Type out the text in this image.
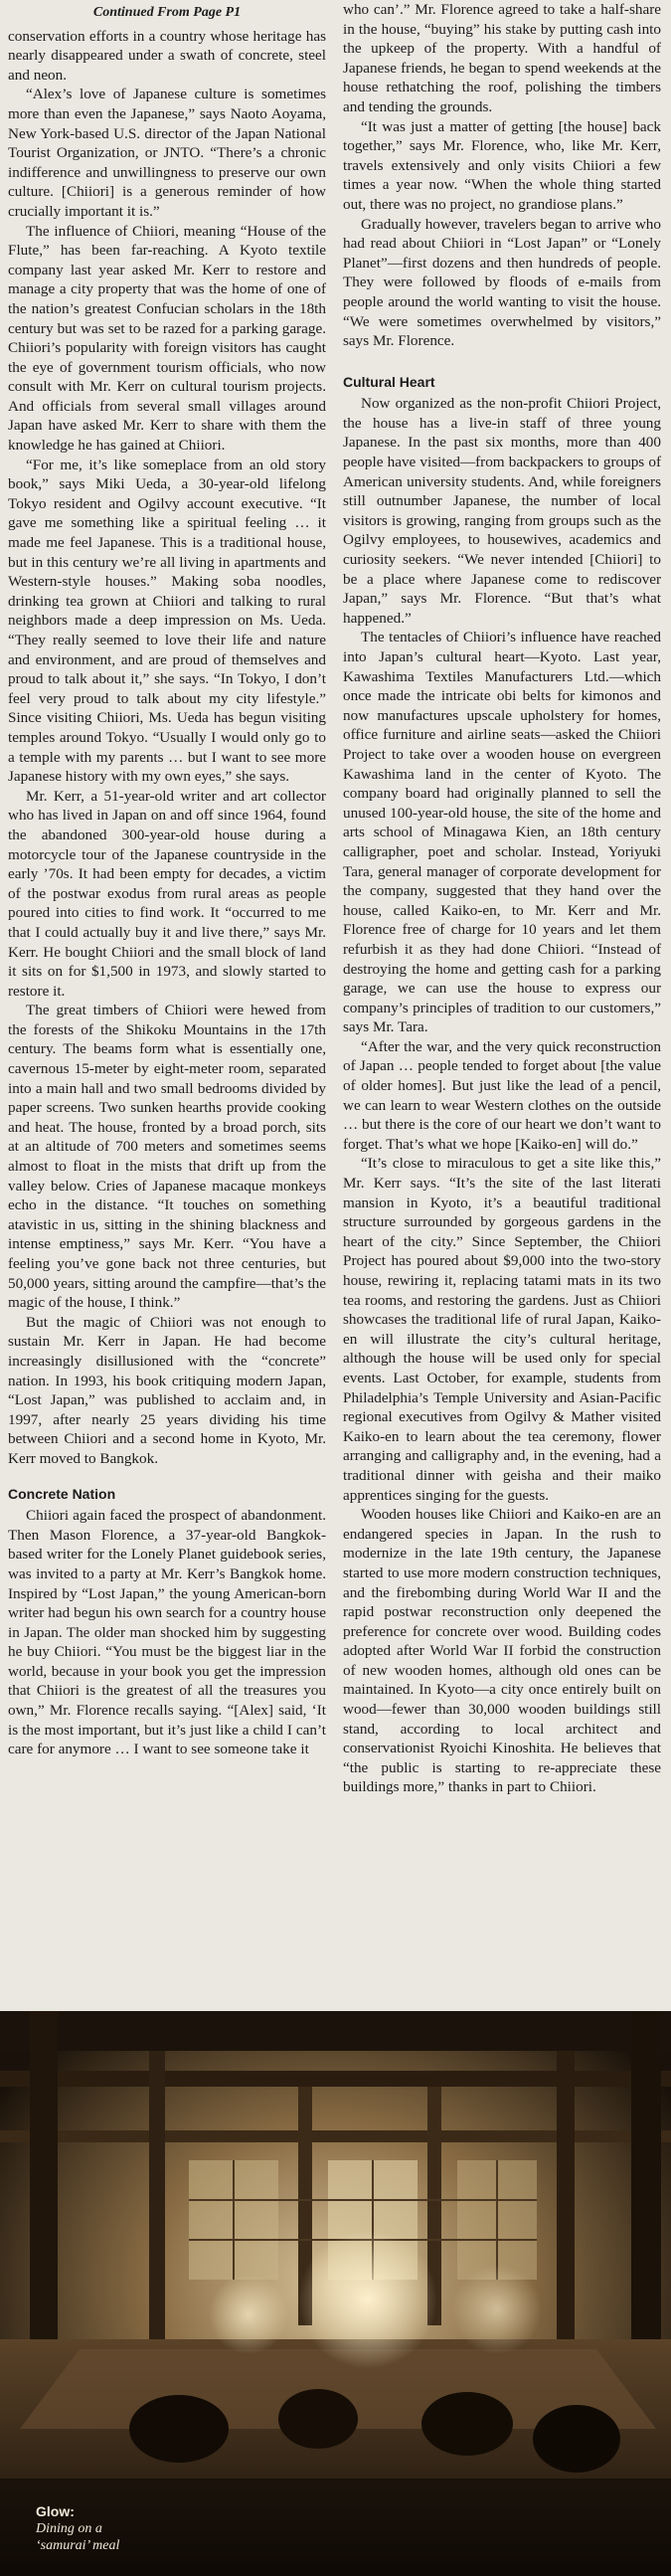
Continued From Page P1

conservation efforts in a country whose heritage has nearly disappeared under a swath of concrete, steel and neon.

“Alex’s love of Japanese culture is sometimes more than even the Japanese,” says Naoto Aoyama, New York-based U.S. director of the Japan National Tourist Organization, or JNTO. “There’s a chronic indifference and unwillingness to preserve our own culture. [Chiiori] is a generous reminder of how crucially important it is.”

The influence of Chiiori, meaning “House of the Flute,” has been far-reaching. A Kyoto textile company last year asked Mr. Kerr to restore and manage a city property that was the home of one of the nation’s greatest Confucian scholars in the 18th century but was set to be razed for a parking garage. Chiiori’s popularity with foreign visitors has caught the eye of government tourism officials, who now consult with Mr. Kerr on cultural tourism projects. And officials from several small villages around Japan have asked Mr. Kerr to share with them the knowledge he has gained at Chiiori.

“For me, it’s like someplace from an old story book,” says Miki Ueda, a 30-year-old lifelong Tokyo resident and Ogilvy account executive. “It gave me something like a spiritual feeling … it made me feel Japanese. This is a traditional house, but in this century we’re all living in apartments and Western-style houses.” Making soba noodles, drinking tea grown at Chiiori and talking to rural neighbors made a deep impression on Ms. Ueda. “They really seemed to love their life and nature and environment, and are proud of themselves and proud to talk about it,” she says. “In Tokyo, I don’t feel very proud to talk about my city lifestyle.” Since visiting Chiiori, Ms. Ueda has begun visiting temples around Tokyo. “Usually I would only go to a temple with my parents … but I want to see more Japanese history with my own eyes,” she says.

Mr. Kerr, a 51-year-old writer and art collector who has lived in Japan on and off since 1964, found the abandoned 300-year-old house during a motorcycle tour of the Japanese countryside in the early ’70s. It had been empty for decades, a victim of the postwar exodus from rural areas as people poured into cities to find work. It “occurred to me that I could actually buy it and live there,” says Mr. Kerr. He bought Chiiori and the small block of land it sits on for $1,500 in 1973, and slowly started to restore it.

The great timbers of Chiiori were hewed from the forests of the Shikoku Mountains in the 17th century. The beams form what is essentially one, cavernous 15-meter by eight-meter room, separated into a main hall and two small bedrooms divided by paper screens. Two sunken hearths provide cooking and heat. The house, fronted by a broad porch, sits at an altitude of 700 meters and sometimes seems almost to float in the mists that drift up from the valley below. Cries of Japanese macaque monkeys echo in the distance. “It touches on something atavistic in us, sitting in the shining blackness and intense emptiness,” says Mr. Kerr. “You have a feeling you’ve gone back not three centuries, but 50,000 years, sitting around the campfire—that’s the magic of the house, I think.”

But the magic of Chiiori was not enough to sustain Mr. Kerr in Japan. He had become increasingly disillusioned with the “concrete” nation. In 1993, his book critiquing modern Japan, “Lost Japan,” was published to acclaim and, in 1997, after nearly 25 years dividing his time between Chiiori and a second home in Kyoto, Mr. Kerr moved to Bangkok.

Concrete Nation

Chiiori again faced the prospect of abandonment. Then Mason Florence, a 37-year-old Bangkok-based writer for the Lonely Planet guidebook series, was invited to a party at Mr. Kerr’s Bangkok home. Inspired by “Lost Japan,” the young American-born writer had begun his own search for a country house in Japan. The older man shocked him by suggesting he buy Chiiori. “You must be the biggest liar in the world, because in your book you get the impression that Chiiori is the greatest of all the treasures you own,” Mr. Florence recalls saying. “[Alex] said, ‘It is the most important, but it’s just like a child I can’t care for anymore … I want to see someone take it

who can’.” Mr. Florence agreed to take a half-share in the house, “buying” his stake by putting cash into the upkeep of the property. With a handful of Japanese friends, he began to spend weekends at the house rethatching the roof, polishing the timbers and tending the grounds.

“It was just a matter of getting [the house] back together,” says Mr. Florence, who, like Mr. Kerr, travels extensively and only visits Chiiori a few times a year now. “When the whole thing started out, there was no project, no grandiose plans.”

Gradually however, travelers began to arrive who had read about Chiiori in “Lost Japan” or “Lonely Planet”—first dozens and then hundreds of people. They were followed by floods of e-mails from people around the world wanting to visit the house. “We were sometimes overwhelmed by visitors,” says Mr. Florence.

Cultural Heart

Now organized as the non-profit Chiiori Project, the house has a live-in staff of three young Japanese. In the past six months, more than 400 people have visited—from backpackers to groups of American university students. And, while foreigners still outnumber Japanese, the number of local visitors is growing, ranging from groups such as the Ogilvy employees, to housewives, academics and curiosity seekers. “We never intended [Chiiori] to be a place where Japanese come to rediscover Japan,” says Mr. Florence. “But that’s what happened.”

The tentacles of Chiiori’s influence have reached into Japan’s cultural heart—Kyoto. Last year, Kawashima Textiles Manufacturers Ltd.—which once made the intricate obi belts for kimonos and now manufactures upscale upholstery for homes, office furniture and airline seats—asked the Chiiori Project to take over a wooden house on evergreen Kawashima land in the center of Kyoto. The company board had originally planned to sell the unused 100-year-old house, the site of the home and arts school of Minagawa Kien, an 18th century calligrapher, poet and scholar. Instead, Yoriyuki Tara, general manager of corporate development for the company, suggested that they hand over the house, called Kaiko-en, to Mr. Kerr and Mr. Florence free of charge for 10 years and let them refurbish it as they had done Chiiori. “Instead of destroying the home and getting cash for a parking garage, we can use the house to express our company’s principles of tradition to our customers,” says Mr. Tara.

“After the war, and the very quick reconstruction of Japan … people tended to forget about [the value of older homes]. But just like the lead of a pencil, we can learn to wear Western clothes on the outside … but there is the core of our heart we don’t want to forget. That’s what we hope [Kaiko-en] will do.”

“It’s close to miraculous to get a site like this,” Mr. Kerr says. “It’s the site of the last literati mansion in Kyoto, it’s a beautiful traditional structure surrounded by gorgeous gardens in the heart of the city.” Since September, the Chiiori Project has poured about $9,000 into the two-story house, rewiring it, replacing tatami mats in its two tea rooms, and restoring the gardens. Just as Chiiori showcases the traditional life of rural Japan, Kaiko-en will illustrate the city’s cultural heritage, although the house will be used only for special events. Last October, for example, students from Philadelphia’s Temple University and Asian-Pacific regional executives from Ogilvy & Mather visited Kaiko-en to learn about the tea ceremony, flower arranging and calligraphy and, in the evening, had a traditional dinner with geisha and their maiko apprentices singing for the guests.

Wooden houses like Chiiori and Kaiko-en are an endangered species in Japan. In the rush to modernize in the late 19th century, the Japanese started to use more modern construction techniques, and the firebombing during World War II and the rapid postwar reconstruction only deepened the preference for concrete over wood. Building codes adopted after World War II forbid the construction of new wooden homes, although old ones can be maintained. In Kyoto—a city once entirely built on wood—fewer than 30,000 wooden buildings still stand, according to local architect and conservationist Ryoichi Kinoshita. He believes that “the public is starting to re-appreciate these buildings more,” thanks in part to Chiiori.

Glow:
Dining on a
‘samurai’ meal
